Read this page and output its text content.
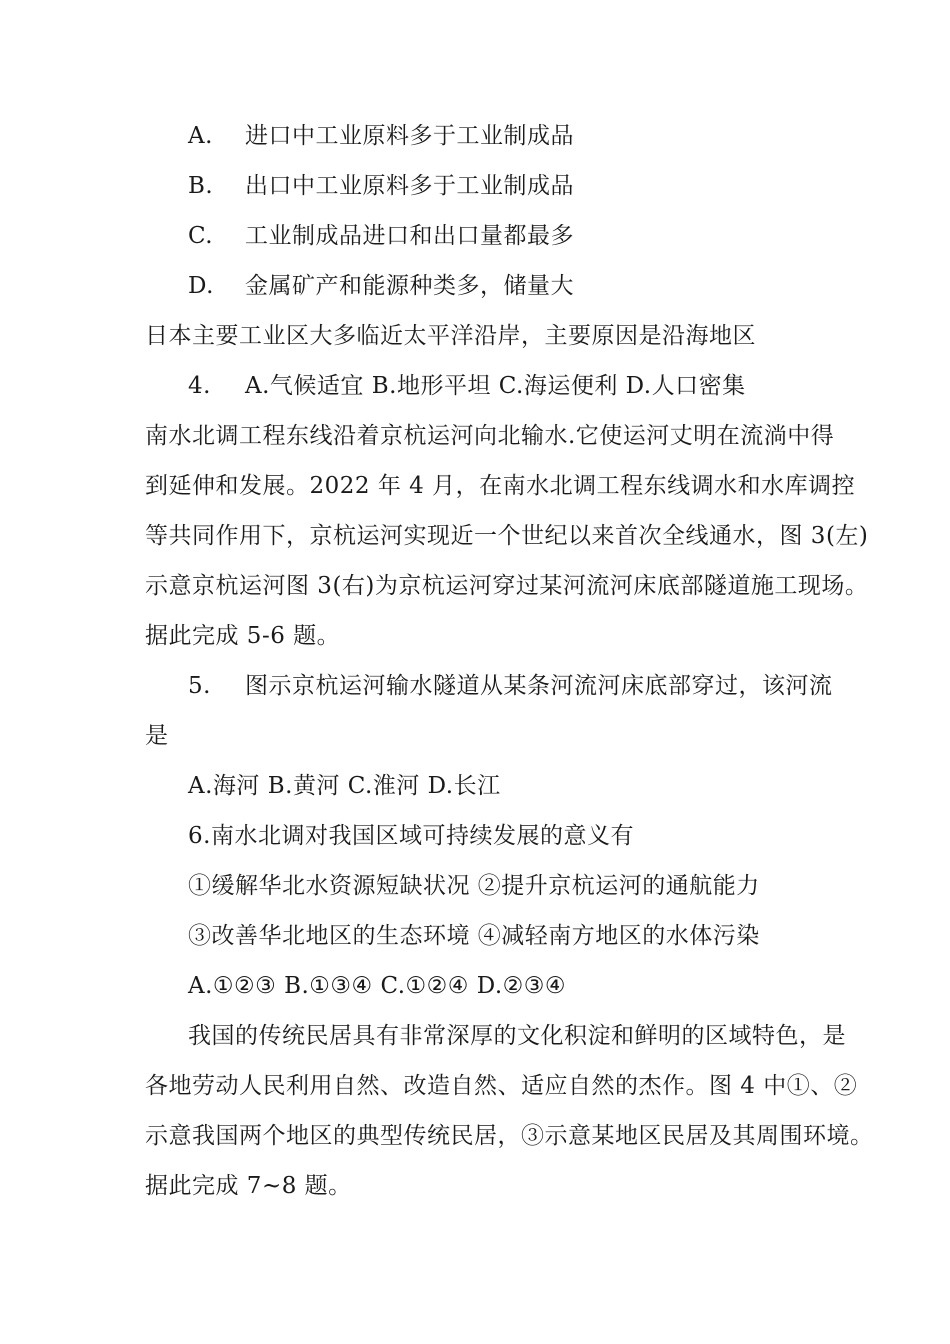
A. 进口中工业原料多于工业制成品
B. 出口中工业原料多于工业制成品
C. 工业制成品进口和出口量都最多
D. 金属矿产和能源种类多，储量大
日本主要工业区大多临近太平洋沿岸，主要原因是沿海地区
4. A.气候适宜 B.地形平坦 C.海运便利 D.人口密集
南水北调工程东线沿着京杭运河向北输水.它使运河丈明在流淌中得
到延伸和发展。2022 年 4 月，在南水北调工程东线调水和水库调控
等共同作用下，京杭运河实现近一个世纪以来首次全线通水，图 3(左)
示意京杭运河图 3(右)为京杭运河穿过某河流河床底部隧道施工现场。
据此完成 5-6 题。
5. 图示京杭运河输水隧道从某条河流河床底部穿过，该河流
是
A.海河 B.黄河 C.淮河 D.长江
6.南水北调对我国区域可持续发展的意义有
①缓解华北水资源短缺状况 ②提升京杭运河的通航能力
③改善华北地区的生态环境 ④减轻南方地区的水体污染
A.①②③ B.①③④ C.①②④ D.②③④
我国的传统民居具有非常深厚的文化积淀和鲜明的区域特色，是
各地劳动人民利用自然、改造自然、适应自然的杰作。图 4 中①、②
示意我国两个地区的典型传统民居，③示意某地区民居及其周围环境。
据此完成 7~8 题。
